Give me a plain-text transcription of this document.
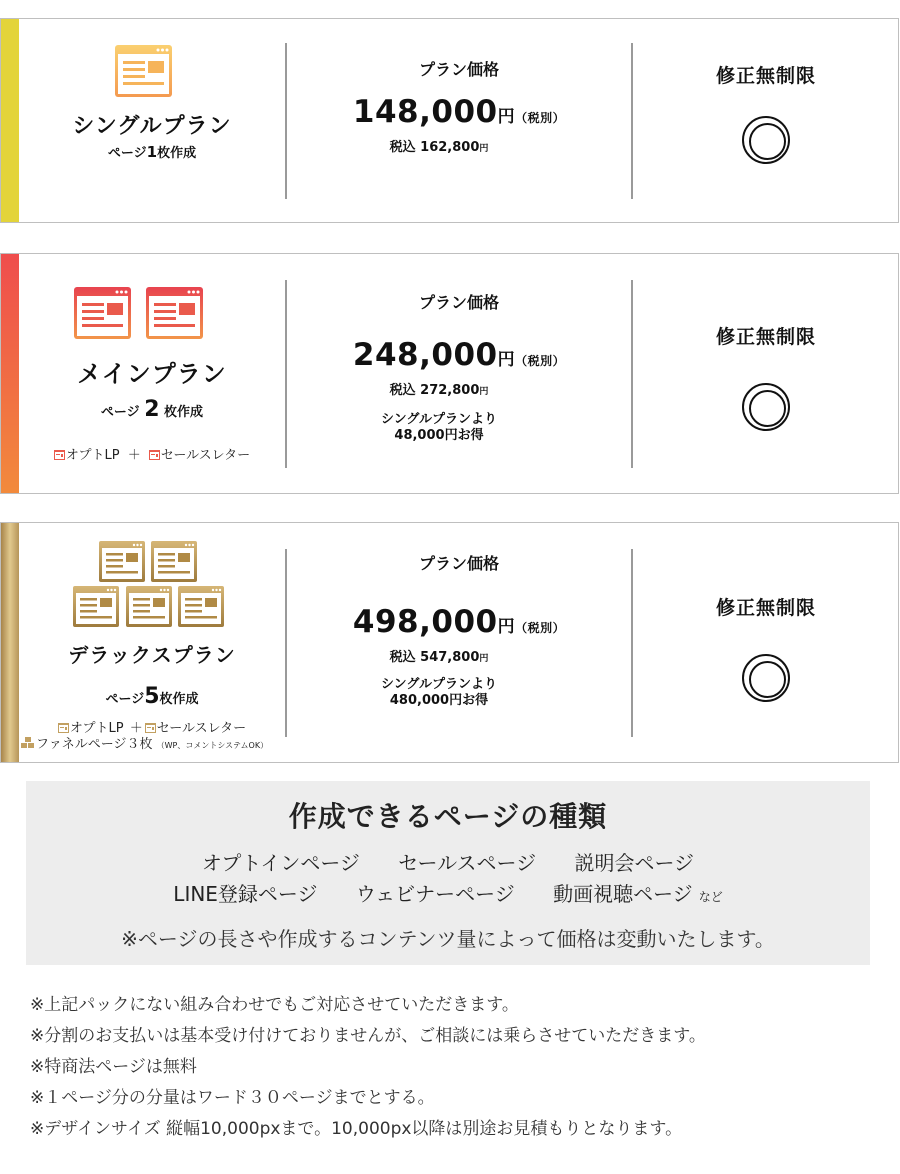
シングルプラン
ページ1枚作成
プラン価格
148,000円（税別）
税込 162,800円
修正無制限
メインプラン
ページ 2 枚作成
オプトLP ＋ セールスレター
プラン価格
248,000円（税別）
税込 272,800円
シングルプランより
48,000円お得
修正無制限
デラックスプラン
ページ5枚作成
オプトLP ＋ セールスレター
ファネルページ３枚 （WP、コメントシステムOK）
プラン価格
498,000円（税別）
税込 547,800円
シングルプランより
480,000円お得
修正無制限
作成できるページの種類
オプトインページ セールスページ 説明会ページ
LINE登録ページ ウェビナーページ 動画視聴ページ など
※ページの長さや作成するコンテンツ量によって価格は変動いたします。
※上記パックにない組み合わせでもご対応させていただきます。
※分割のお支払いは基本受け付けておりませんが、ご相談には乗らさせていただきます。
※特商法ページは無料
※１ページ分の分量はワード３０ページまでとする。
※デザインサイズ 縦幅10,000pxまで。10,000px以降は別途お見積もりとなります。
